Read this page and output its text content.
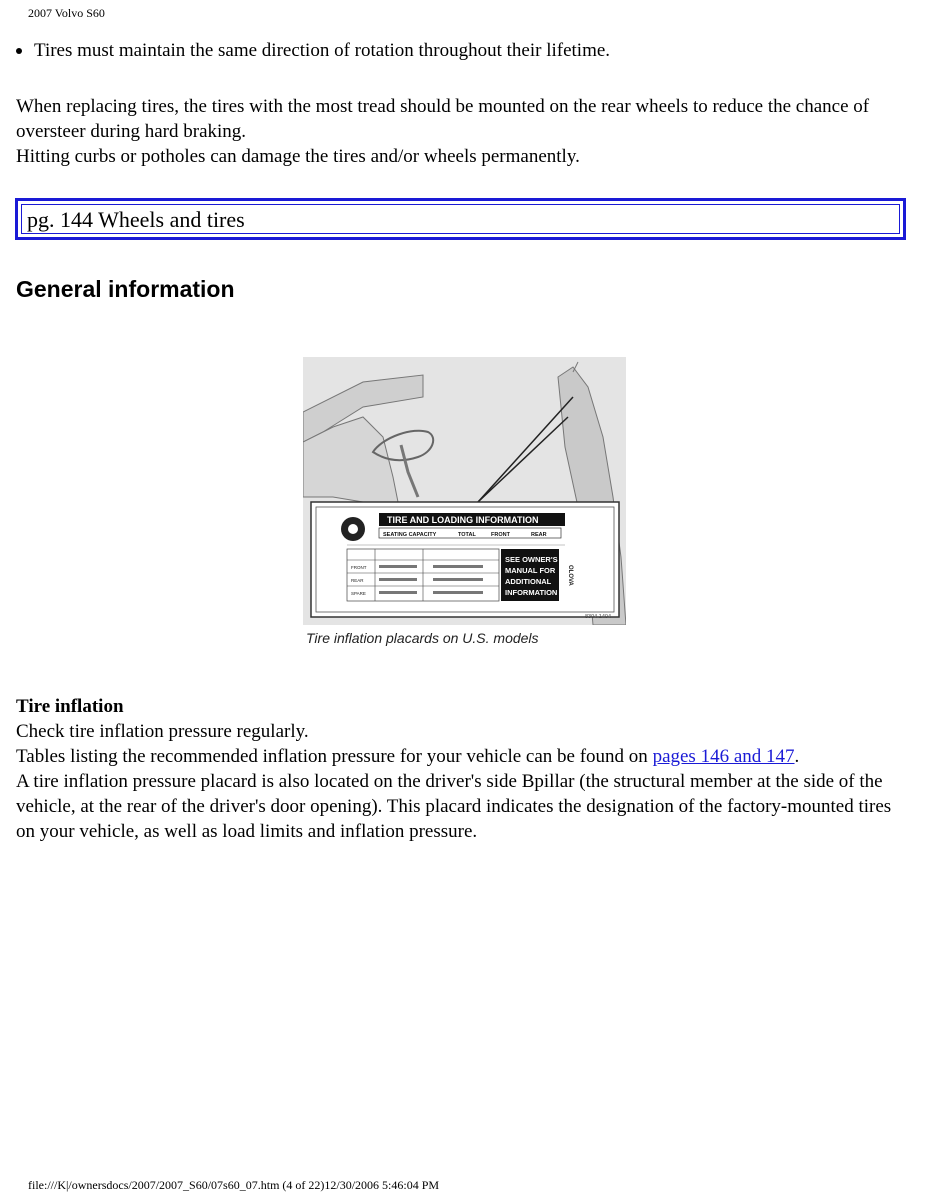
2007 Volvo S60
Tires must maintain the same direction of rotation throughout their lifetime.
When replacing tires, the tires with the most tread should be mounted on the rear wheels to reduce the chance of oversteer during hard braking.
Hitting curbs or potholes can damage the tires and/or wheels permanently.
pg. 144 Wheels and tires
General information
TIRE AND LOADING INFORMATION
SEATING CAPACITY	TOTAL	FRONT	REAR
FRONT
REAR
SPARE
SEE OWNER'S
MANUAL FOR
ADDITIONAL
INFORMATION
OLOVA
8304 1404
Tire inflation placards on U.S. models
Tire inflation
Check tire inflation pressure regularly.
Tables listing the recommended inflation pressure for your vehicle can be found on pages 146 and 147.
A tire inflation pressure placard is also located on the driver's side Bpillar (the structural member at the side of the vehicle, at the rear of the driver's door opening). This placard indicates the designation of the factory-mounted tires on your vehicle, as well as load limits and inflation pressure.
file:///K|/ownersdocs/2007/2007_S60/07s60_07.htm (4 of 22)12/30/2006 5:46:04 PM
